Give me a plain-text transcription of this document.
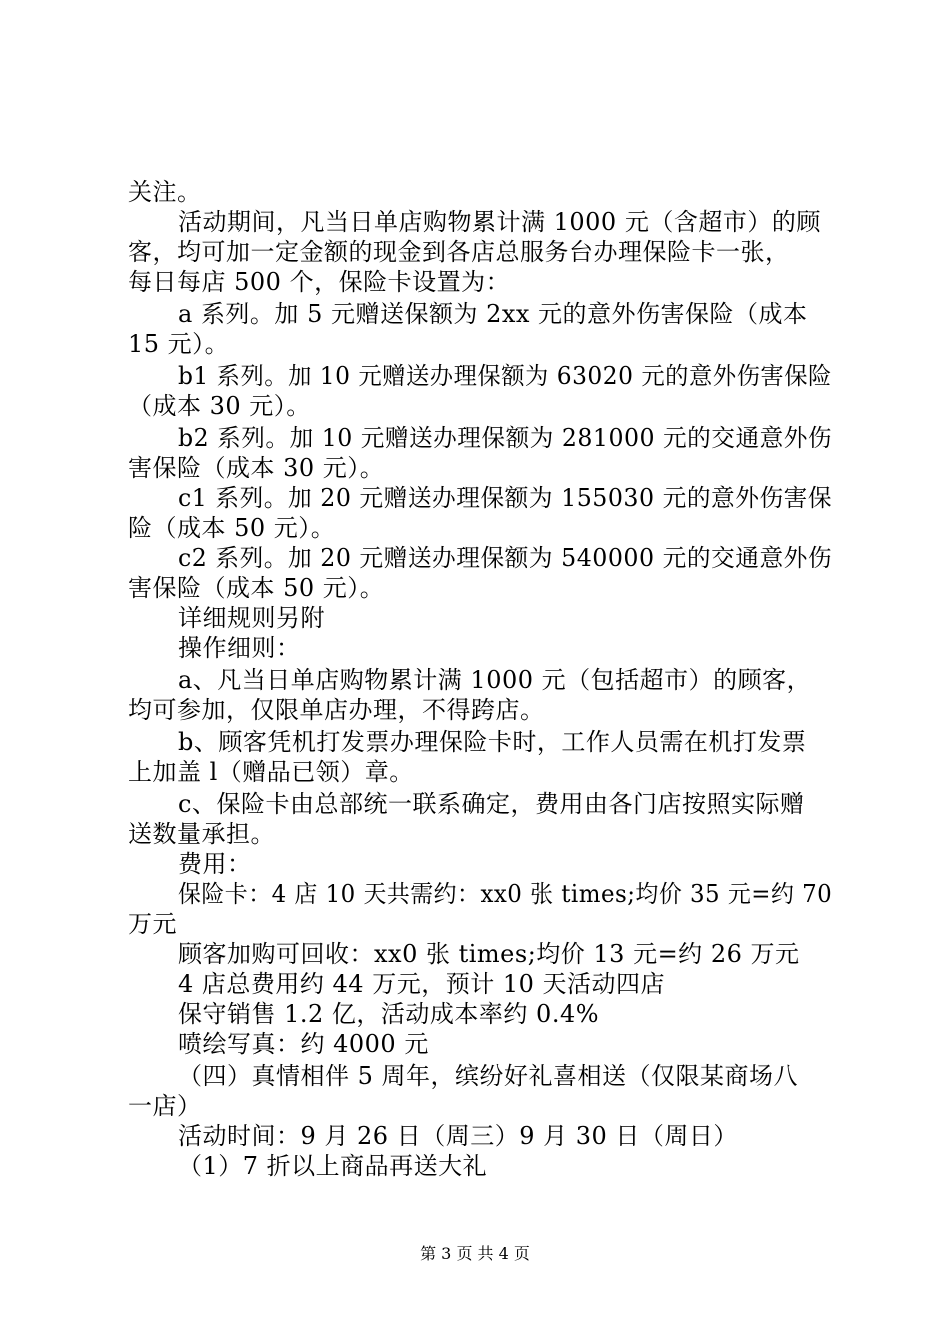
关注。
活动期间，凡当日单店购物累计满 1000 元（含超市）的顾
客，均可加一定金额的现金到各店总服务台办理保险卡一张，
每日每店 500 个，保险卡设置为：
a 系列。加 5 元赠送保额为 2xx 元的意外伤害保险（成本
15 元）。
b1 系列。加 10 元赠送办理保额为 63020 元的意外伤害保险
（成本 30 元）。
b2 系列。加 10 元赠送办理保额为 281000 元的交通意外伤
害保险（成本 30 元）。
c1 系列。加 20 元赠送办理保额为 155030 元的意外伤害保
险（成本 50 元）。
c2 系列。加 20 元赠送办理保额为 540000 元的交通意外伤
害保险（成本 50 元）。
详细规则另附
操作细则：
a、凡当日单店购物累计满 1000 元（包括超市）的顾客，
均可参加，仅限单店办理，不得跨店。
b、顾客凭机打发票办理保险卡时，工作人员需在机打发票
上加盖 l（赠品已领）章。
c、保险卡由总部统一联系确定，费用由各门店按照实际赠
送数量承担。
费用：
保险卡：4 店 10 天共需约：xx0 张 times;均价 35 元=约 70
万元
顾客加购可回收：xx0 张 times;均价 13 元=约 26 万元
4 店总费用约 44 万元，预计 10 天活动四店
保守销售 1.2 亿，活动成本率约 0.4%
喷绘写真：约 4000 元
（四）真情相伴 5 周年，缤纷好礼喜相送（仅限某商场八
一店）
活动时间：9 月 26 日（周三）9 月 30 日（周日）
（1）7 折以上商品再送大礼
第 3 页 共 4 页
